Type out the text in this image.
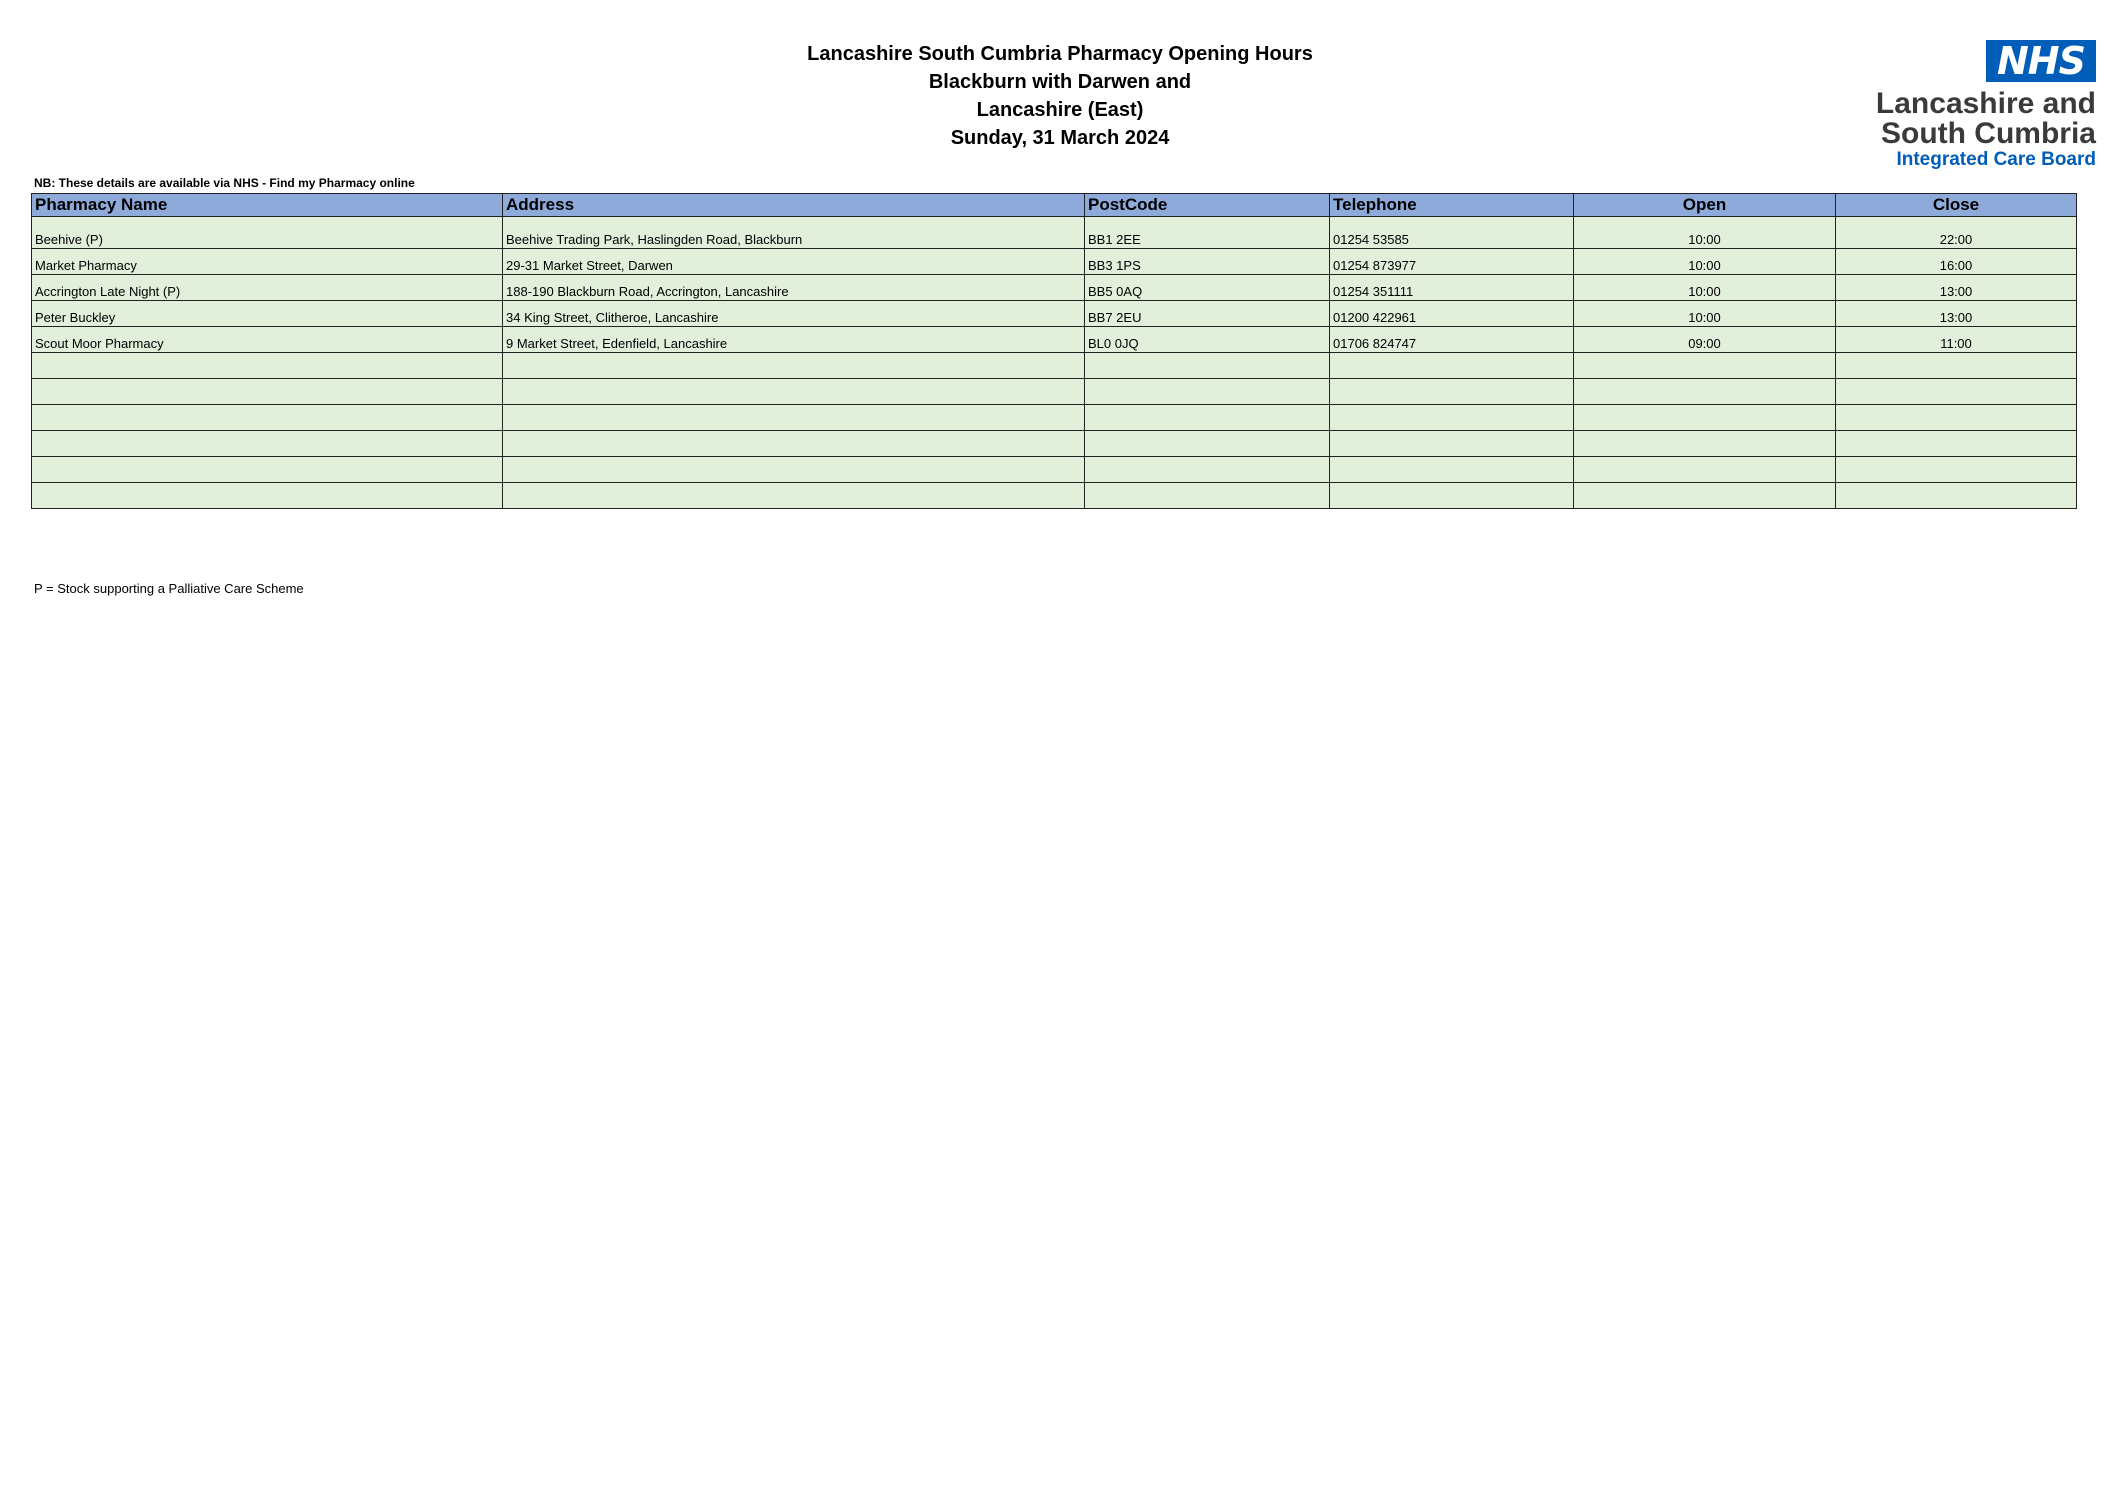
Lancashire South Cumbria Pharmacy Opening Hours
Blackburn with Darwen and
Lancashire (East)
Sunday, 31 March 2024
NHS
Lancashire and
South Cumbria
Integrated Care Board
NB: These details are available via NHS - Find my Pharmacy online
Pharmacy Name	Address	PostCode	Telephone	Open	Close
Beehive (P)	Beehive Trading Park, Haslingden Road, Blackburn	BB1 2EE	01254 53585	10:00	22:00
Market Pharmacy	29-31 Market Street, Darwen	BB3 1PS	01254 873977	10:00	16:00
Accrington Late Night (P)	188-190 Blackburn Road, Accrington, Lancashire	BB5 0AQ	01254 351111	10:00	13:00
Peter Buckley	34 King Street, Clitheroe, Lancashire	BB7 2EU	01200 422961	10:00	13:00
Scout Moor Pharmacy	9 Market Street, Edenfield, Lancashire	BL0 0JQ	01706 824747	09:00	11:00

P = Stock supporting a Palliative Care Scheme
